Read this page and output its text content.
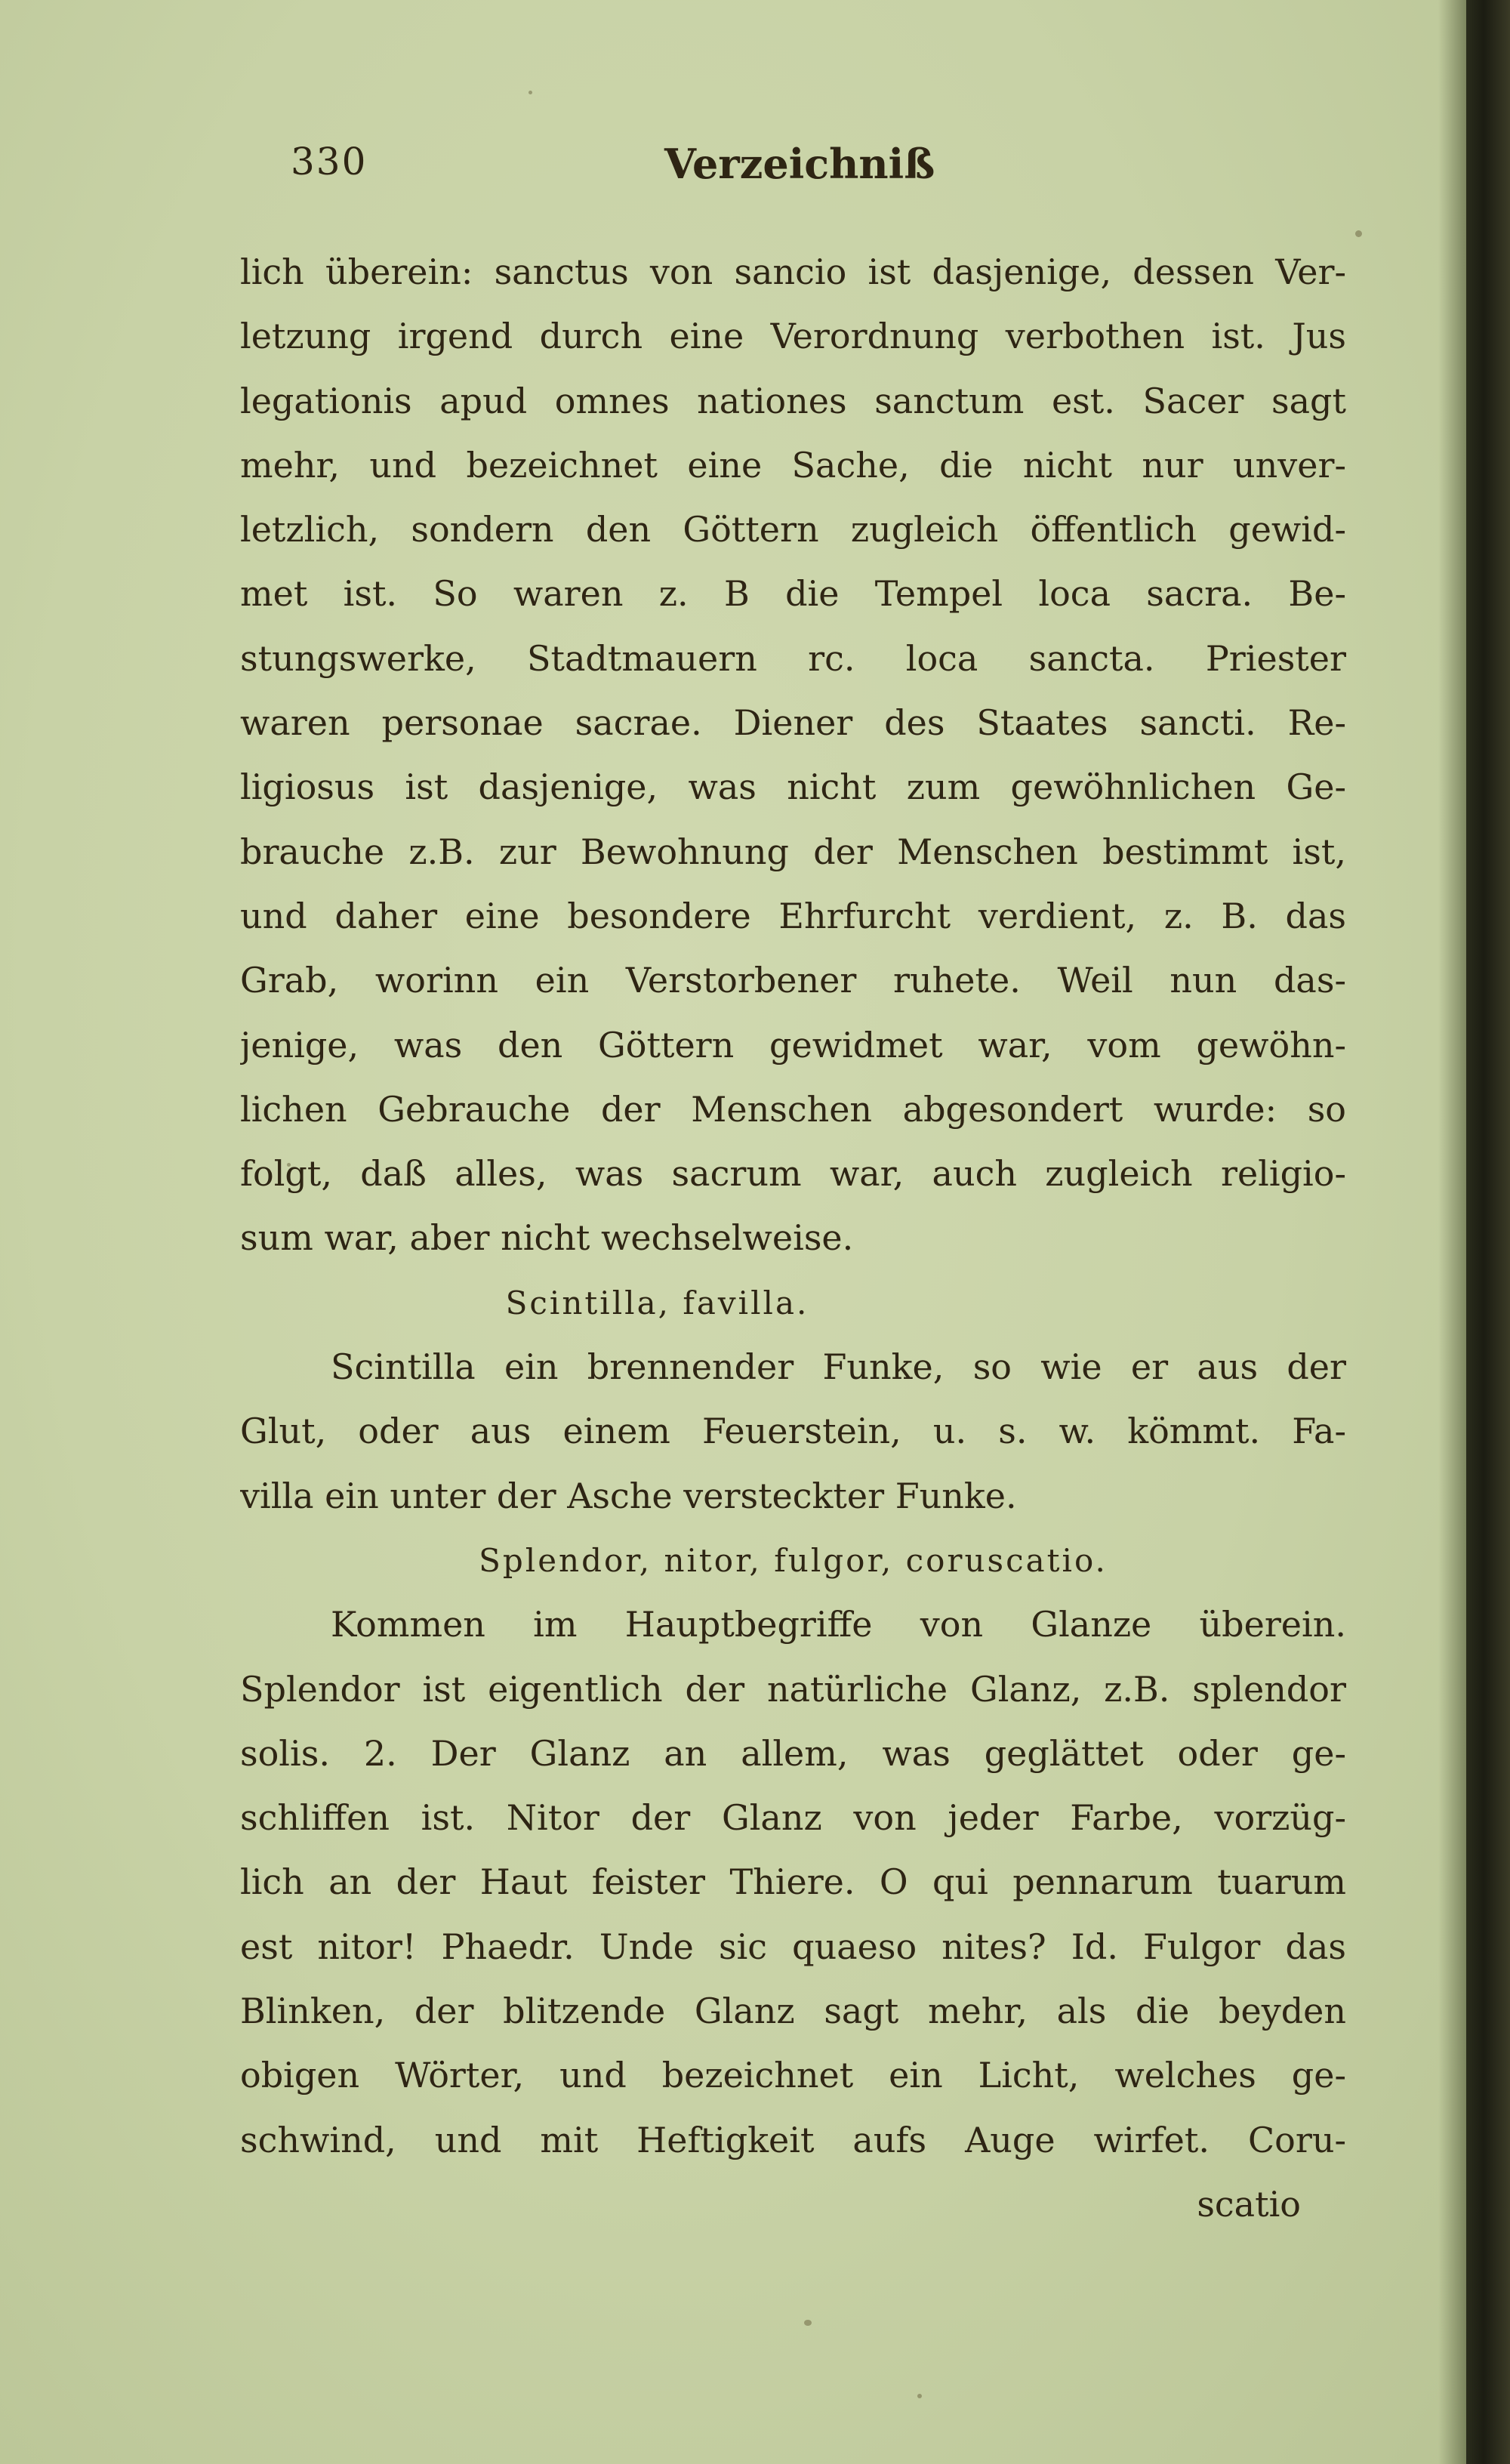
330	Verzeichniß
lich überein: sanctus von sancio ist dasjenige, dessen Ver-
letzung irgend durch eine Verordnung verbothen ist. Jus
legationis apud omnes nationes sanctum est. Sacer sagt
mehr, und bezeichnet eine Sache, die nicht nur unver-
letzlich, sondern den Göttern zugleich öffentlich gewid-
met ist. So waren z. B die Tempel loca sacra. Be-
stungswerke, Stadtmauern rc. loca sancta. Priester
waren personae sacrae. Diener des Staates sancti. Re-
ligiosus ist dasjenige, was nicht zum gewöhnlichen Ge-
brauche z.B. zur Bewohnung der Menschen bestimmt ist,
und daher eine besondere Ehrfurcht verdient, z. B. das
Grab, worinn ein Verstorbener ruhete. Weil nun das-
jenige, was den Göttern gewidmet war, vom gewöhn-
lichen Gebrauche der Menschen abgesondert wurde: so
folgt, daß alles, was sacrum war, auch zugleich religio-
sum war, aber nicht wechselweise.
Scintilla, favilla.
Scintilla ein brennender Funke, so wie er aus der
Glut, oder aus einem Feuerstein, u. s. w. kömmt. Fa-
villa ein unter der Asche versteckter Funke.
Splendor, nitor, fulgor, coruscatio.
Kommen im Hauptbegriffe von Glanze überein.
Splendor ist eigentlich der natürliche Glanz, z.B. splendor
solis. 2. Der Glanz an allem, was geglättet oder ge-
schliffen ist. Nitor der Glanz von jeder Farbe, vorzüg-
lich an der Haut feister Thiere. O qui pennarum tuarum
est nitor! Phaedr. Unde sic quaeso nites? Id. Fulgor das
Blinken, der blitzende Glanz sagt mehr, als die beyden
obigen Wörter, und bezeichnet ein Licht, welches ge-
schwind, und mit Heftigkeit aufs Auge wirfet. Coru-
scatio
